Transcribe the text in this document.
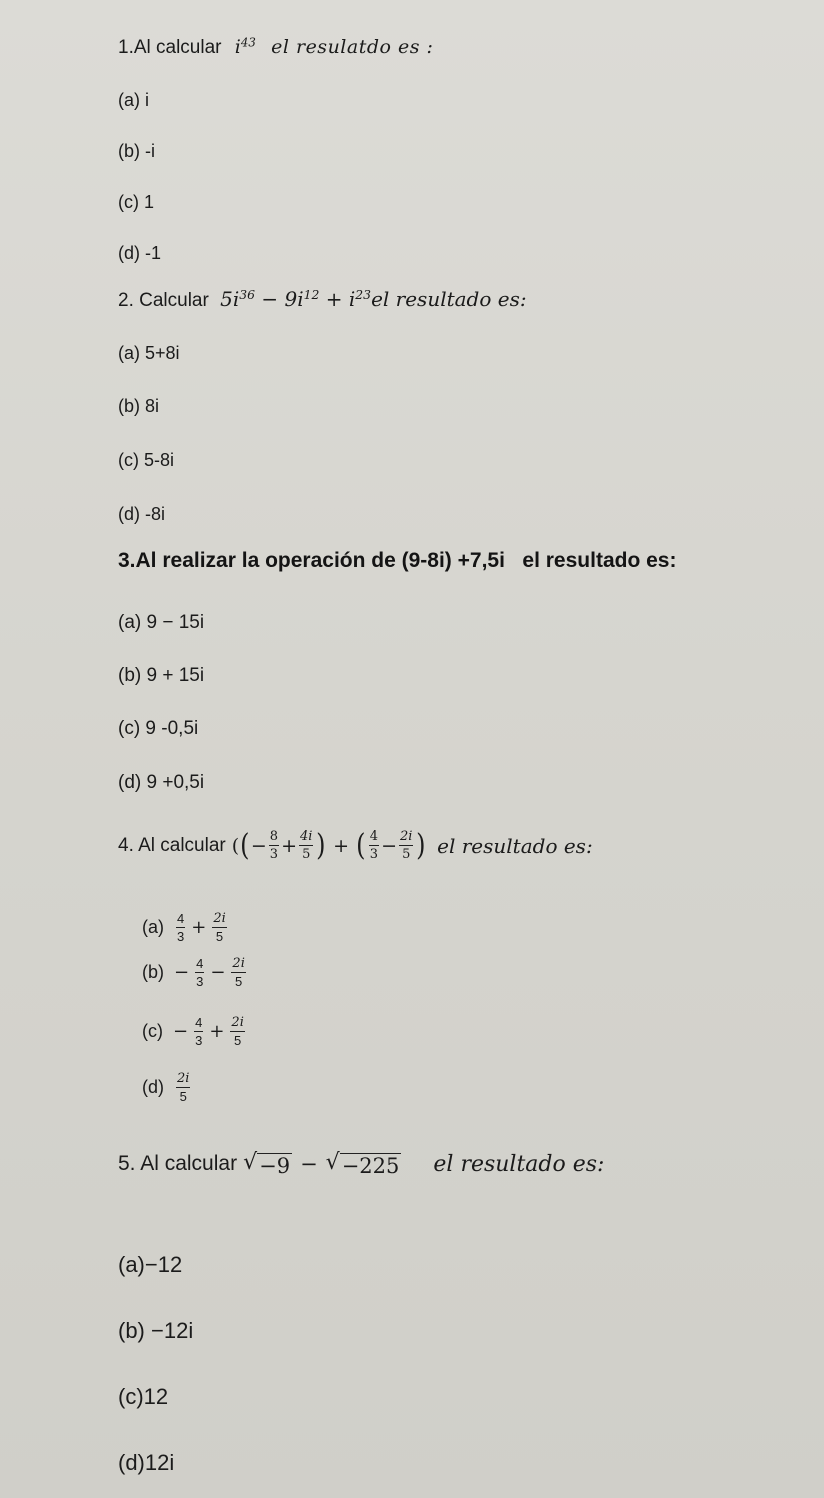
1.Al calcular $i^{43}$ el resulatdo es :
(a) i
(b) -i
(c) 1
(d) -1
2. Calcular $5i^{36} - 9i^{12} + i^{23}el$ resultado es:
(a) 5+8i
(b) 8i
(c) 5-8i
(d) -8i
3.Al realizar la operación de (9-8i) +7,5i   el resultado es:
(a) 9 − 15i
(b) 9 + 15i
(c) 9 -0,5i
(d) 9 +0,5i
4. Al calcular ( ( − $\frac{8}{3} + \frac{4i}{5}$ ) + ( $\frac{4}{3} - \frac{2i}{5}$ ) el resultado es:
$(a) \frac{4}{3} + \frac{2i}{5}$
$(b) - \frac{4}{3} - \frac{2i}{5}$
$(c) - \frac{4}{3} + \frac{2i}{5}$
$(d) \frac{2i}{5}$
5. Al calcular √ −9 − √ −225 el resultado es:
(a)−12
(b) −12i
(c)12
(d)12i
